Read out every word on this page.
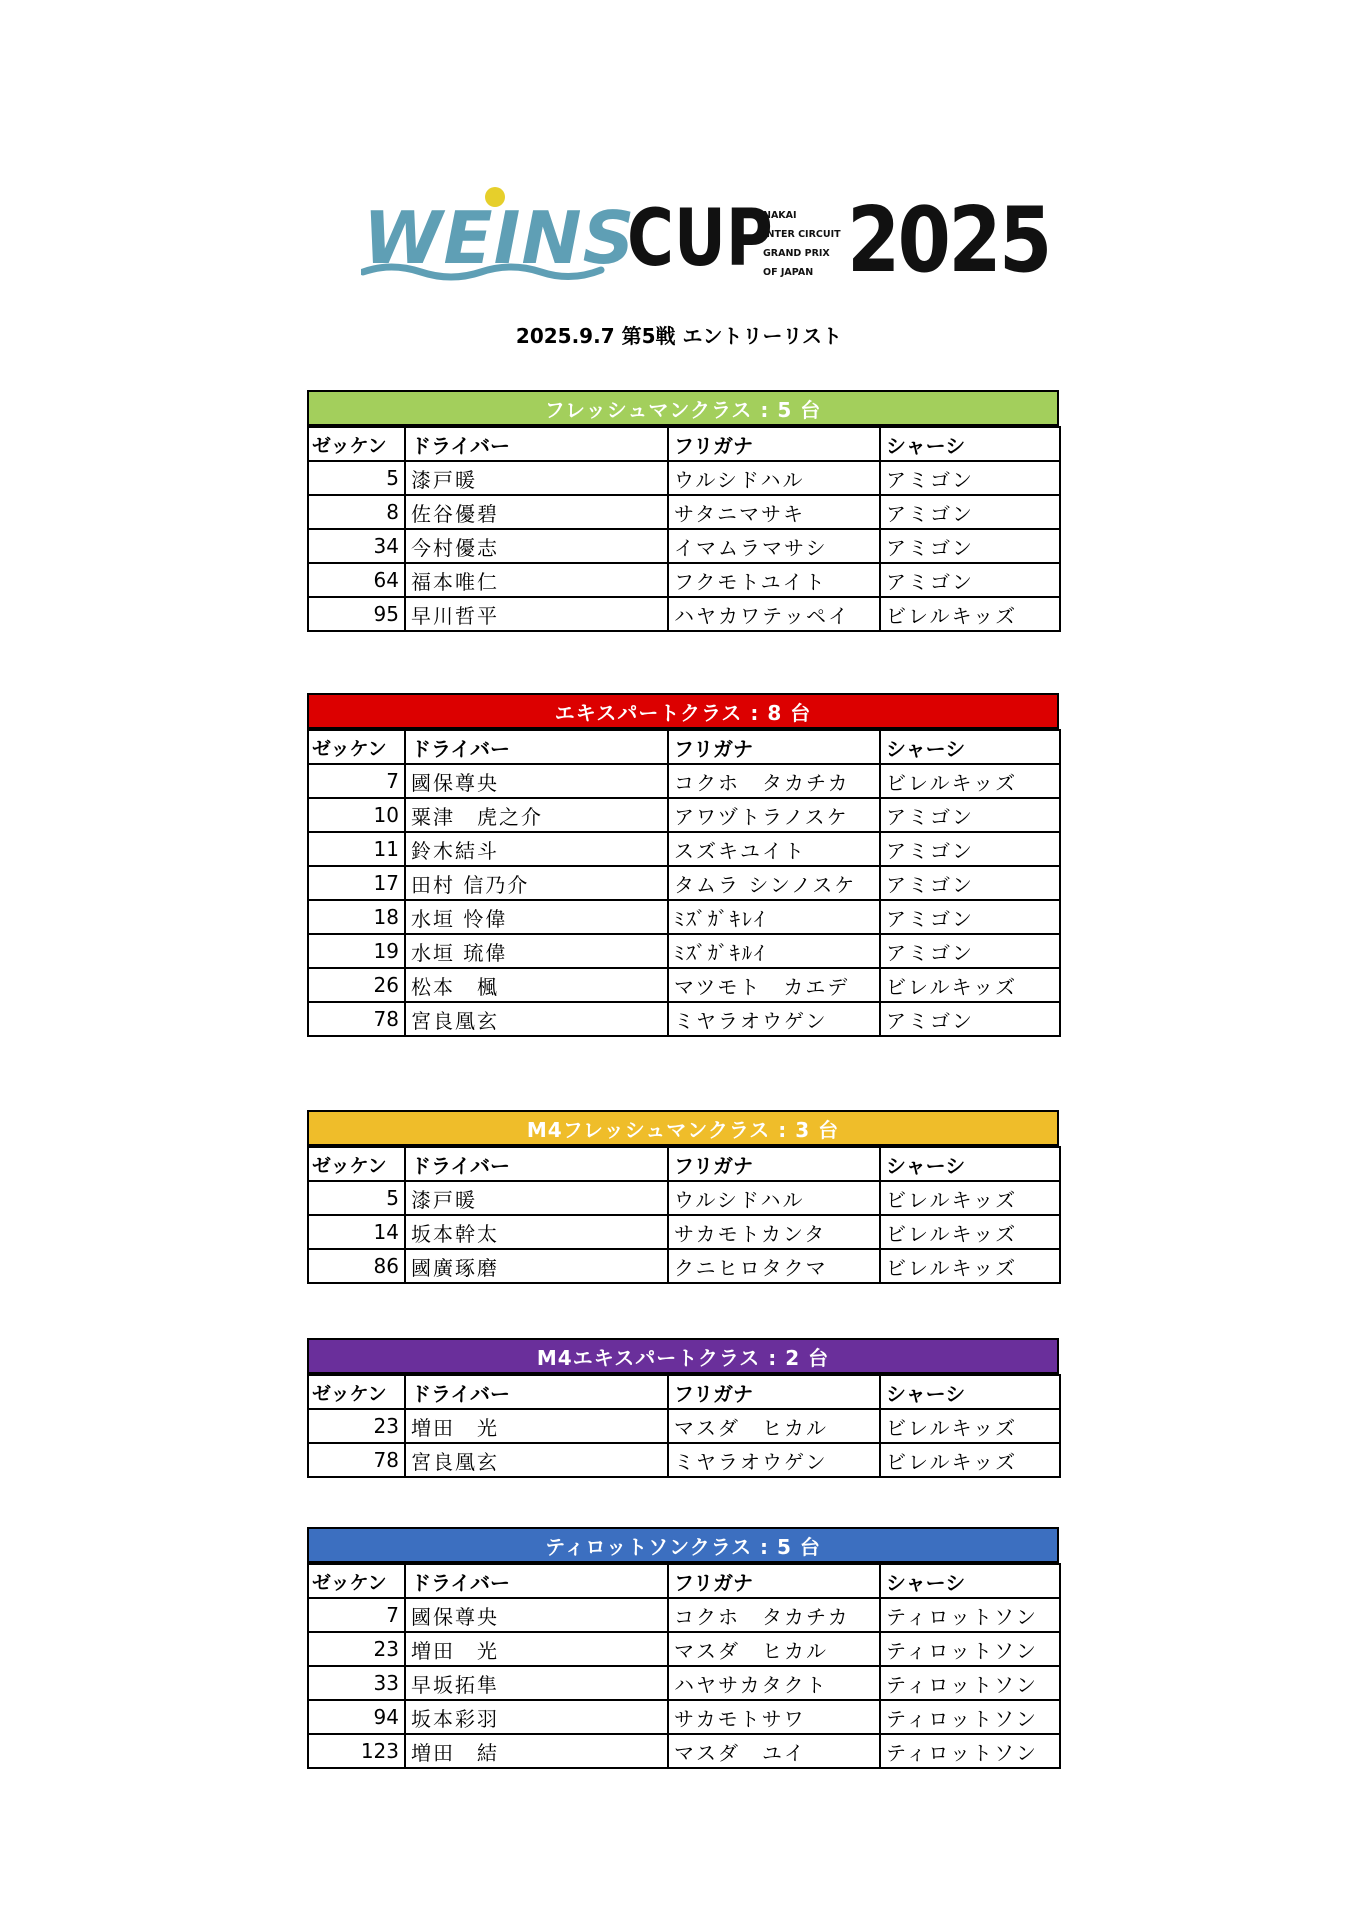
WEINS
CUP
NAKAI
INTER CIRCUIT
GRAND PRIX
OF JAPAN 2025
2025.9.7 第5戦 エントリーリスト
フレッシュマンクラス : 5 台
ゼッケン	ドライバー	フリガナ	シャーシ
5	漆戸暖	ウルシドハル	アミゴン
8	佐谷優碧	サタニマサキ	アミゴン
34	今村優志	イマムラマサシ	アミゴン
64	福本唯仁	フクモトユイト	アミゴン
95	早川哲平	ハヤカワテッペイ	ビレルキッズ
エキスパートクラス : 8 台
ゼッケン	ドライバー	フリガナ	シャーシ
7	國保尊央	コクホ　タカチカ	ビレルキッズ
10	粟津　虎之介	アワヅトラノスケ	アミゴン
11	鈴木結斗	スズキユイト	アミゴン
17	田村 信乃介	タムラ シンノスケ	アミゴン
18	水垣 怜偉	ﾐｽﾞｶﾞｷﾚｲ	アミゴン
19	水垣 琉偉	ﾐｽﾞｶﾞｷﾙｲ	アミゴン
26	松本　楓	マツモト　カエデ	ビレルキッズ
78	宮良凰玄	ミヤラオウゲン	アミゴン
M4フレッシュマンクラス : 3 台
ゼッケン	ドライバー	フリガナ	シャーシ
5	漆戸暖	ウルシドハル	ビレルキッズ
14	坂本幹太	サカモトカンタ	ビレルキッズ
86	國廣琢磨	クニヒロタクマ	ビレルキッズ
M4エキスパートクラス : 2 台
ゼッケン	ドライバー	フリガナ	シャーシ
23	増田　光	マスダ　ヒカル	ビレルキッズ
78	宮良凰玄	ミヤラオウゲン	ビレルキッズ
ティロットソンクラス : 5 台
ゼッケン	ドライバー	フリガナ	シャーシ
7	國保尊央	コクホ　タカチカ	ティロットソン
23	増田　光	マスダ　ヒカル	ティロットソン
33	早坂拓隼	ハヤサカタクト	ティロットソン
94	坂本彩羽	サカモトサワ	ティロットソン
123	増田　結	マスダ　ユイ	ティロットソン
